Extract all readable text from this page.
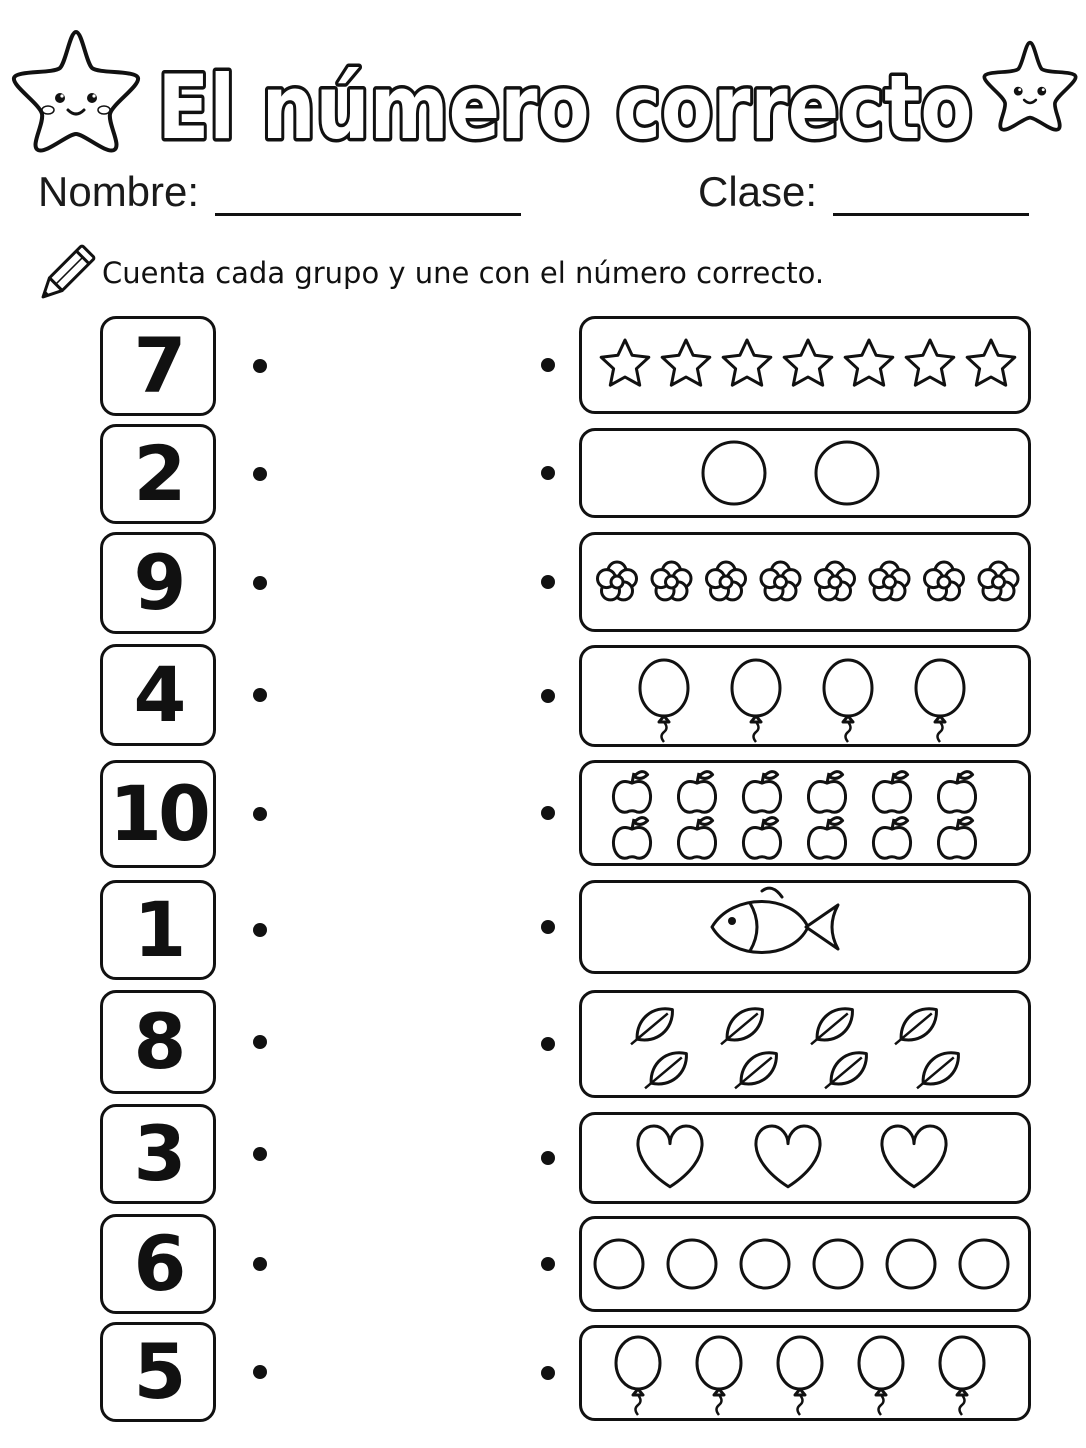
El número correcto
Nombre:	Clase:
Cuenta cada grupo y une con el número correcto.
7
2
9
4
10
1
8
3
6
5
